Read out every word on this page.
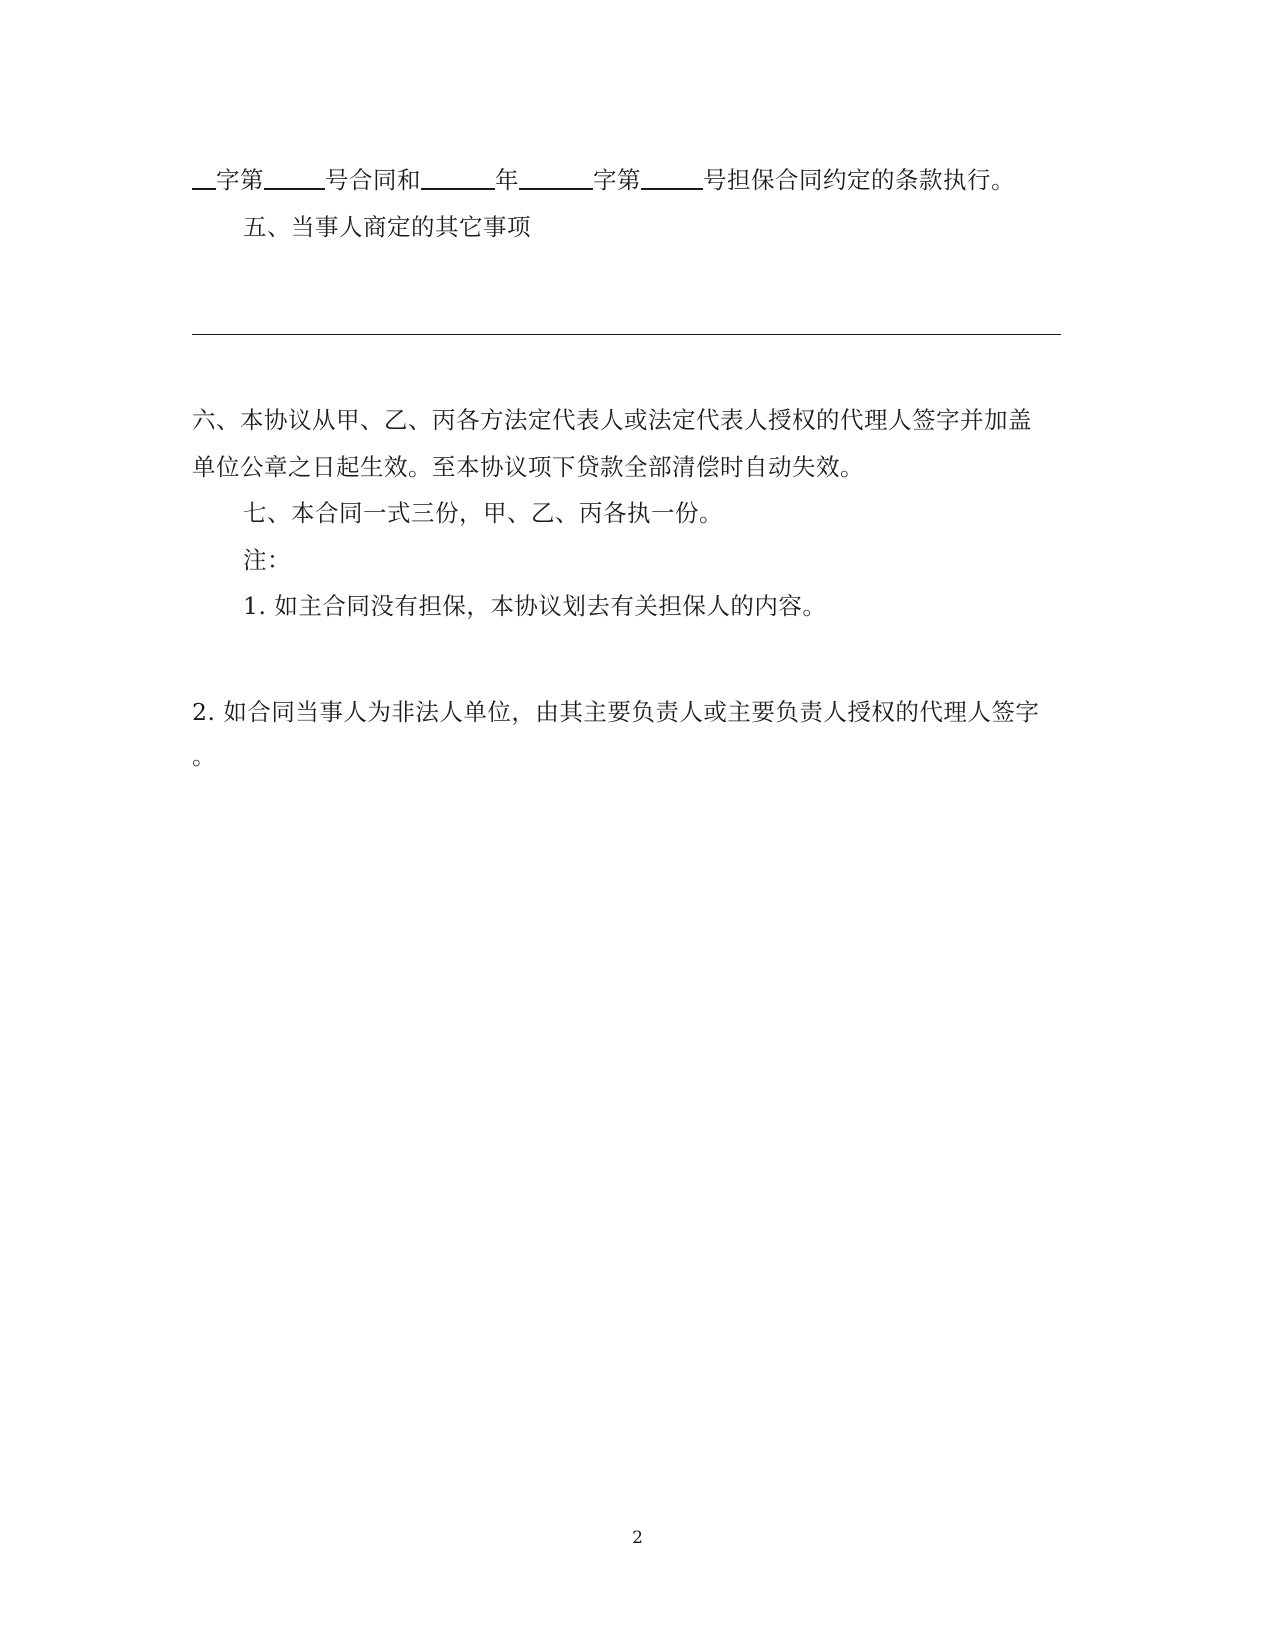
字第	号合同和	年	字第	号担保合同约定的条款执行。
五、当事人商定的其它事项
六、本协议从甲、乙、丙各方法定代表人或法定代表人授权的代理人签字并加盖
单位公章之日起生效。至本协议项下贷款全部清偿时自动失效。
七、本合同一式三份，甲、乙、丙各执一份。
注：
1. 如主合同没有担保，本协议划去有关担保人的内容。
2. 如合同当事人为非法人单位，由其主要负责人或主要负责人授权的代理人签字
。
2
